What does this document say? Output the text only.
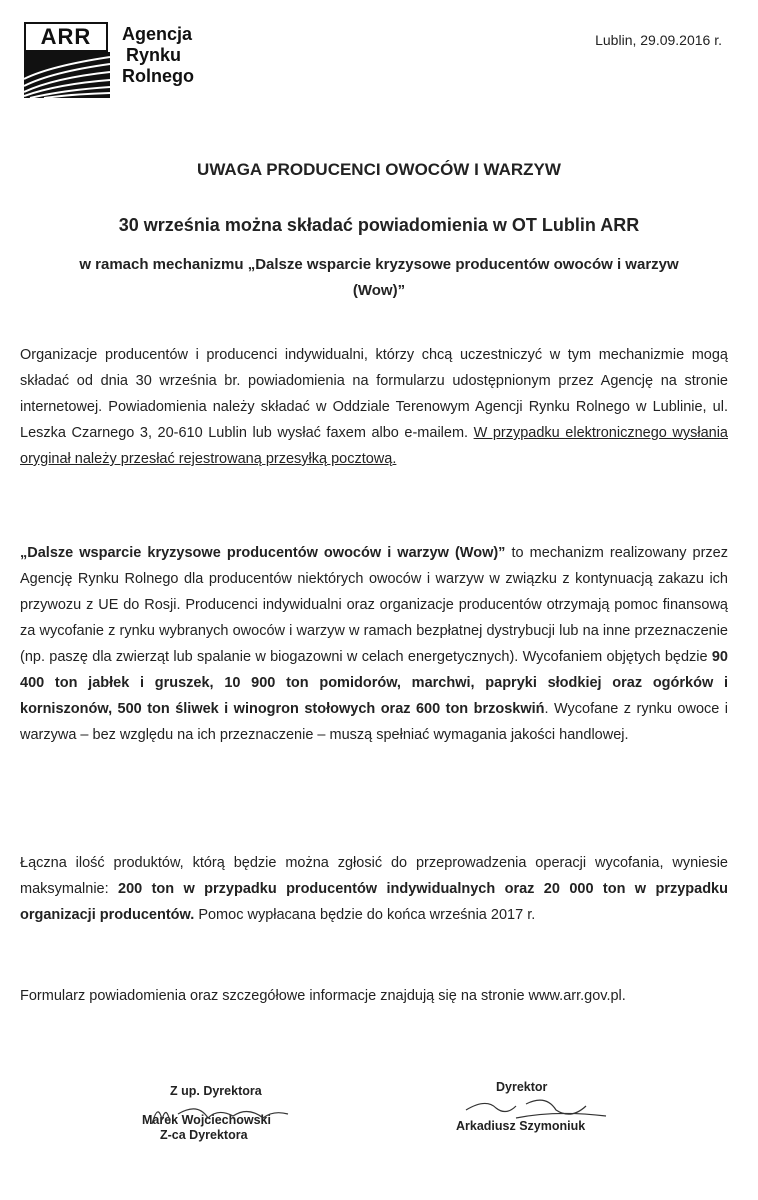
ARR	Agencja
Rynku
Rolnego
Lublin, 29.09.2016 r.
UWAGA PRODUCENCI OWOCÓW I WARZYW
30 września można składać powiadomienia w OT Lublin ARR
w ramach mechanizmu „Dalsze wsparcie kryzysowe producentów owoców i warzyw (Wow)”
Organizacje producentów i producenci indywidualni, którzy chcą uczestniczyć w tym mechanizmie mogą składać od dnia 30 września br. powiadomienia na formularzu udostępnionym przez Agencję na stronie internetowej. Powiadomienia należy składać w Oddziale Terenowym Agencji Rynku Rolnego w Lublinie, ul. Leszka Czarnego 3, 20-610 Lublin lub wysłać faxem albo e-mailem. W przypadku elektronicznego wysłania oryginał należy przesłać rejestrowaną przesyłką pocztową.
„Dalsze wsparcie kryzysowe producentów owoców i warzyw (Wow)” to mechanizm realizowany przez Agencję Rynku Rolnego dla producentów niektórych owoców i warzyw w związku z kontynuacją zakazu ich przywozu z UE do Rosji. Producenci indywidualni oraz organizacje producentów otrzymają pomoc finansową za wycofanie z rynku wybranych owoców i warzyw w ramach bezpłatnej dystrybucji lub na inne przeznaczenie (np. paszę dla zwierząt lub spalanie w biogazowni w celach energetycznych). Wycofaniem objętych będzie 90 400 ton jabłek i gruszek, 10 900 ton pomidorów, marchwi, papryki słodkiej oraz ogórków i korniszonów, 500 ton śliwek i winogron stołowych oraz 600 ton brzoskwiń. Wycofane z rynku owoce i warzywa – bez względu na ich przeznaczenie – muszą spełniać wymagania jakości handlowej.
Łączna ilość produktów, którą będzie można zgłosić do przeprowadzenia operacji wycofania, wyniesie maksymalnie: 200 ton w przypadku producentów indywidualnych oraz 20 000 ton w przypadku organizacji producentów. Pomoc wypłacana będzie do końca września 2017 r.
Formularz powiadomienia oraz szczegółowe informacje znajdują się na stronie www.arr.gov.pl.
Z up. Dyrektora
Marek Wojciechowski
Z-ca Dyrektora
Dyrektor
Arkadiusz Szymoniuk
